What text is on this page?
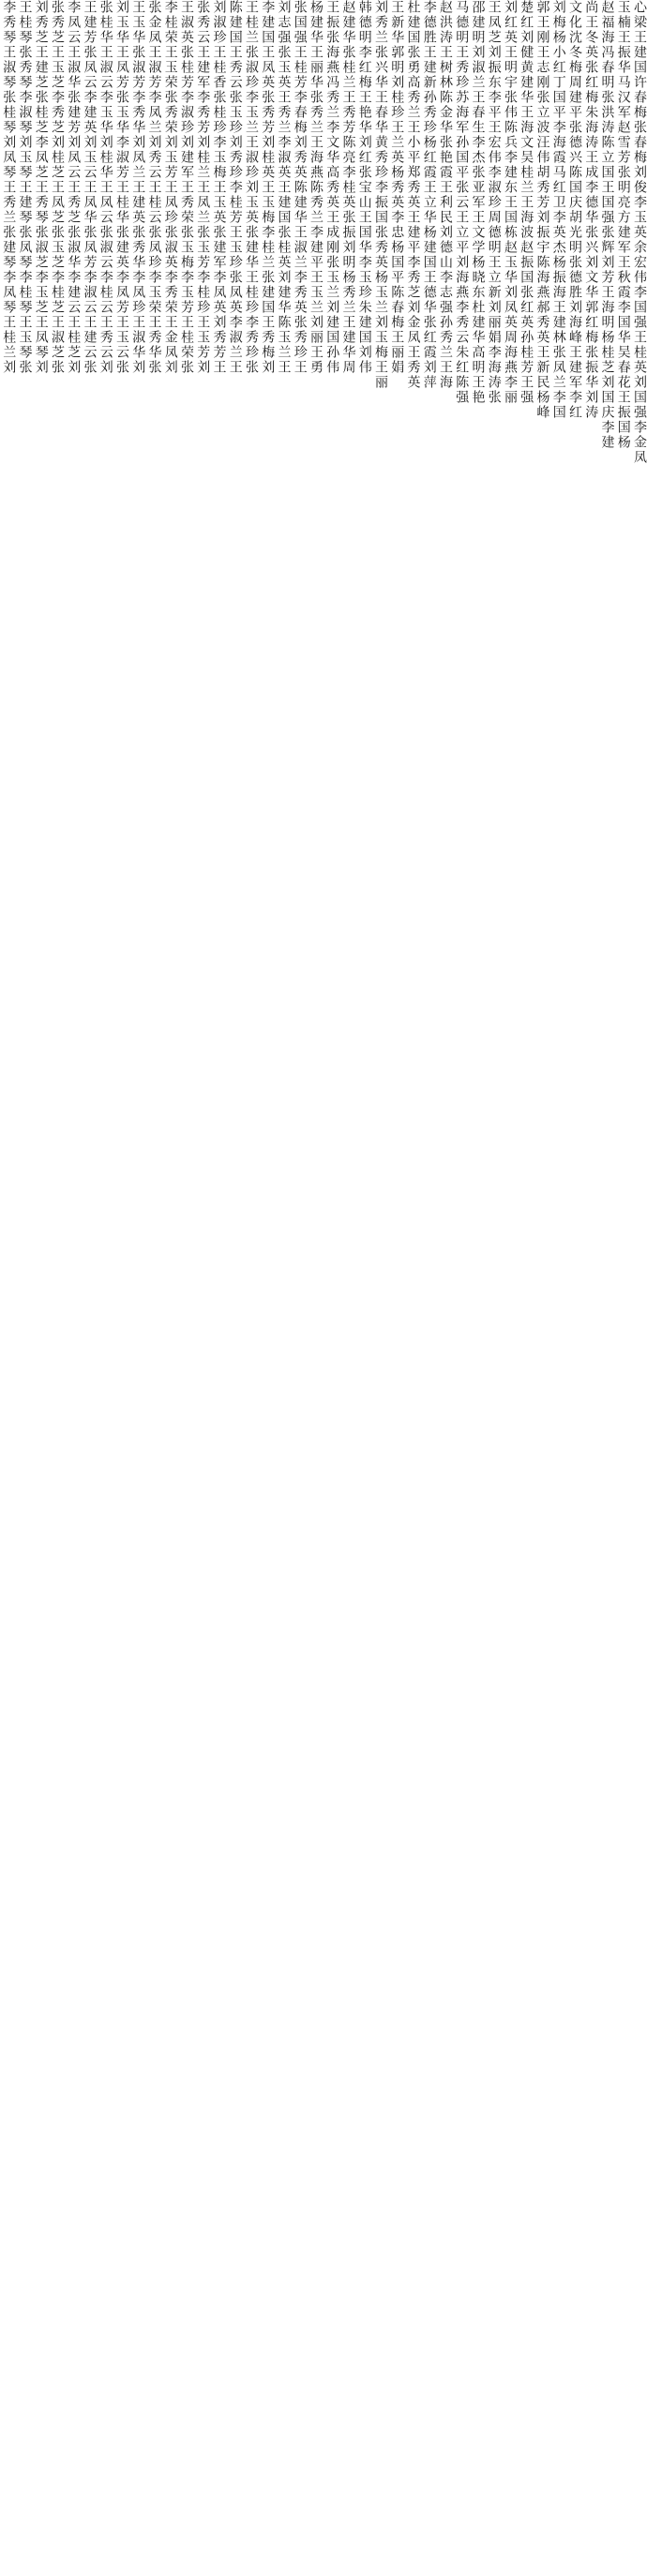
心梁王建国许春梅张春梅刘俊李玉英余宏伟李国强王桂英刘国强李金凤
玉楠王振华马汉军赵雪芳张明亮方建军王秋霞李国华吴春花王振国杨
赵福海冯春明张洪涛陈立国王国强张辉刘芳王海明杨桂芝刘国庆李建
尚王冬英张红梅朱海涛王成李德华张兴刘文华郭红梅张振华刘涛
文化沈冬梅周建平张德兴陈国庆胡光明张德胜刘海峰王建军李红
刘梅杨小红丁国平李海霞马红卫李英杰杨振海王建林张凤兰李国
郭王刚王志刚张立波汪伟胡秀芳刘振宇陈海燕郝秀英王新民杨峰
楚红刘健黄建华王海文吴桂兰王海波赵振国张红英孙桂芳王强
刘红英王明宇张伟陈兵李建东王国栋赵玉华刘凤英周海燕李丽
王凤芝刘振东李平王宏伟李淑珍周德明王立新刘丽娟李海涛张
邵建明刘淑兰王春生李杰张亚军王文学杨晓东杜建华高明王艳
马德明王秀珍苏海军孙国平张云王立平刘海燕李秀云朱红陈强
赵洪涛王树林陈金华张艳霞王利民刘德山李志强孙秀兰王海
李德胜王建新孙秀珍杨红霞王立华杨建国王德华张红霞刘萍
杜建国张勇高秀兰王小平郑秀英王建平李秀芝刘金凤王秀英
王新华郭明刘桂珍王兰英杨秀英李忠杨国平陈春梅王丽娟
刘秀兰张兴华王春华黄秀珍李振国张秀英杨玉兰刘玉梅王丽
韩德明李红梅王艳华刘红张宝山王国华李玉珍朱建国刘伟
赵建华张桂兰王秀芳陈亮李桂英张振刘明杨秀兰王建华周
王振张海燕冯秀兰李文华高秀英王成刚张玉兰刘建国孙伟
杨建华王丽华张秀兰王海燕陈秀兰李建平王玉兰刘丽王勇
张国强王桂芳李春梅刘秀英陈建华王淑兰李秀英张秀珍王
刘志强张玉英王秀兰李淑英王建国张桂英刘建华陈玉兰王
李建国王凤英张秀芳刘桂英王玉梅李桂兰张建国王秀梅刘
王桂兰张淑珍李玉兰王淑珍刘玉英张建华王桂珍李秀珍张
陈建国王秀云张玉珍刘秀珍李桂芳王玉珍张凤英李淑兰王
刘淑珍王桂香张桂珍李玉梅王玉英张建军李凤英刘秀芳王
张秀云王建军李秀芳刘桂兰王凤兰张玉芳李桂珍王玉芳刘
王淑英张桂芳李淑珍刘建军王秀荣张玉梅李玉芳王桂荣张
李桂荣王玉荣张秀荣刘玉芳王凤珍张淑英李秀荣王金凤刘
张金凤王淑芳李凤兰刘秀云王桂云张凤珍李玉荣王秀华张
王玉华张淑芳李秀华刘凤兰王建英张秀华李凤珍王淑华刘
刘玉华王凤芳张玉华李淑芳王桂华张建英李凤芳王玉云张
张桂华王淑云李玉华刘桂华王凤云张淑云李桂云王秀云刘
王建芳张凤云李建英刘玉云王凤华张凤芳李淑云王建云张
李凤云王淑华张建芳刘凤云王秀芝张淑华李建云王桂芝刘
张秀芝王玉芝李秀芝刘桂芝王凤芝张玉芝李桂芝王淑芝张
刘秀芝王建芝张桂芝李凤芝王秀琴张淑芝李玉芝王凤琴刘
王桂琴张秀琴李淑琴刘玉琴王建琴张凤琴李桂琴王玉琴张
李秀琴王淑琴张桂琴刘凤琴王秀兰张建琴李凤琴王桂兰刘
